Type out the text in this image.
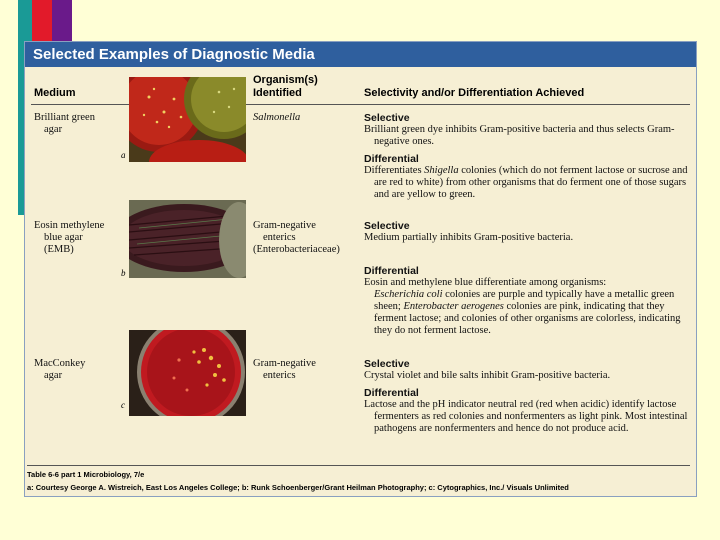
Selected Examples of Diagnostic Media
Medium
Organism(s)
Identified	Selectivity and/or Differentiation Achieved
Brilliant green
agar
a
Salmonella	Selective
Brilliant green dye inhibits Gram-positive bacteria and thus selects Gram-negative ones.
Differential
Differentiates Shigella colonies (which do not ferment lactose or sucrose and are red to white) from other organisms that do ferment one of those sugars and are yellow to green.
Eosin methylene
blue agar
(EMB)
b
Gram-negative
enterics
(Enterobacteriaceae)
Selective
Medium partially inhibits Gram-positive bacteria.
Differential
Eosin and methylene blue differentiate among organisms:
Escherichia coli colonies are purple and typically have a metallic green sheen; Enterobacter aerogenes colonies are pink, indicating that they ferment lactose; and colonies of other organisms are colorless, indicating they do not ferment lactose.
MacConkey
agar
c
Gram-negative
enterics
Selective
Crystal violet and bile salts inhibit Gram-positive bacteria.
Differential
Lactose and the pH indicator neutral red (red when acidic) identify lactose fermenters as red colonies and nonfermenters as light pink. Most intestinal pathogens are nonfermenters and hence do not produce acid.
Table 6-6 part 1 Microbiology, 7/e
a: Courtesy George A. Wistreich, East Los Angeles College; b: Runk Schoenberger/Grant Heilman Photography; c: Cytographics, Inc./ Visuals Unlimited
